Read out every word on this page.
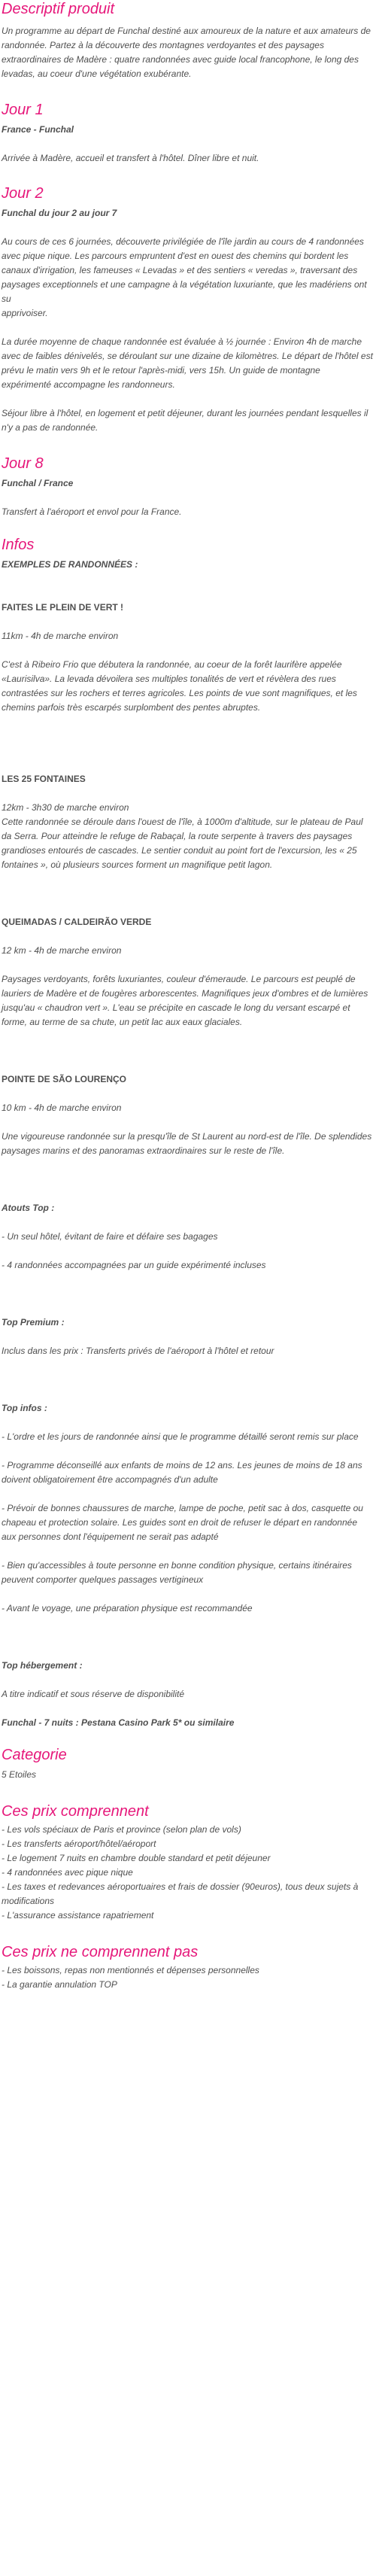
Descriptif produit

Un programme au départ de Funchal destiné aux amoureux de la nature et aux amateurs de randonnée. Partez à la découverte des montagnes verdoyantes et des paysages extraordinaires de Madère : quatre randonnées avec guide local francophone, le long des levadas, au coeur d'une végétation exubérante.

Jour 1

France - Funchal

Arrivée à Madère, accueil et transfert à l'hôtel. Dîner libre et nuit.

Jour 2

Funchal du jour 2 au jour 7

Au cours de ces 6 journées, découverte privilégiée de l'île jardin au cours de 4 randonnées avec pique nique. Les parcours empruntent d'est en ouest des chemins qui bordent les canaux d'irrigation, les fameuses « Levadas » et des sentiers « veredas », traversant des paysages exceptionnels et une campagne à la végétation luxuriante, que les madériens ont su

apprivoiser.

La durée moyenne de chaque randonnée est évaluée à ½ journée : Environ 4h de marche avec de faibles dénivelés, se déroulant sur une dizaine de kilomètres. Le départ de l'hôtel est prévu le matin vers 9h et le retour l'après-midi, vers 15h. Un guide de montagne

expérimenté accompagne les randonneurs.

Séjour libre à l'hôtel, en logement et petit déjeuner, durant les journées pendant lesquelles il n'y a pas de randonnée.

Jour 8

Funchal / France

Transfert à l'aéroport et envol pour la France.

Infos

EXEMPLES DE RANDONNÉES :

FAITES LE PLEIN DE VERT !

11km - 4h de marche environ

C'est à Ribeiro Frio que débutera la randonnée, au coeur de la forêt laurifère appelée «Laurisilva». La levada dévoilera ses multiples tonalités de vert et révèlera des rues contrastées sur les rochers et terres agricoles. Les points de vue sont magnifiques, et les chemins parfois très escarpés surplombent des pentes abruptes.

LES 25 FONTAINES

12km - 3h30 de marche environ

Cette randonnée se déroule dans l'ouest de l'île, à 1000m d'altitude, sur le plateau de Paul da Serra. Pour atteindre le refuge de Rabaçal, la route serpente à travers des paysages grandioses entourés de cascades. Le sentier conduit au point fort de l'excursion, les « 25 fontaines », où plusieurs sources forment un magnifique petit lagon.

QUEIMADAS / CALDEIRÃO VERDE

12 km - 4h de marche environ

Paysages verdoyants, forêts luxuriantes, couleur d'émeraude. Le parcours est peuplé de lauriers de Madère et de fougères arborescentes. Magnifiques jeux d'ombres et de lumières jusqu'au « chaudron vert ». L'eau se précipite en cascade le long du versant escarpé et forme, au terme de sa chute, un petit lac aux eaux glaciales.

POINTE DE SÃO LOURENÇO

10 km - 4h de marche environ

Une vigoureuse randonnée sur la presqu'île de St Laurent au nord-est de l'île. De splendides

paysages marins et des panoramas extraordinaires sur le reste de l'île.

Atouts Top :

- Un seul hôtel, évitant de faire et défaire ses bagages

- 4 randonnées accompagnées par un guide expérimenté incluses

Top Premium :

Inclus dans les prix : Transferts privés de l'aéroport à l'hôtel et retour

Top infos :

- L'ordre et les jours de randonnée ainsi que le programme détaillé seront remis sur place

- Programme déconseillé aux enfants de moins de 12 ans. Les jeunes de moins de 18 ans doivent obligatoirement être accompagnés d'un adulte

- Prévoir de bonnes chaussures de marche, lampe de poche, petit sac à dos, casquette ou chapeau et protection solaire. Les guides sont en droit de refuser le départ en randonnée aux personnes dont l'équipement ne serait pas adapté

- Bien qu'accessibles à toute personne en bonne condition physique, certains itinéraires peuvent comporter quelques passages vertigineux

- Avant le voyage, une préparation physique est recommandée

Top hébergement :

A titre indicatif et sous réserve de disponibilité

Funchal - 7 nuits : Pestana Casino Park 5* ou similaire

Categorie

5 Etoiles

Ces prix comprennent
- Les vols spéciaux de Paris et province (selon plan de vols)
- Les transferts aéroport/hôtel/aéroport
- Le logement 7 nuits en chambre double standard et petit déjeuner
- 4 randonnées avec pique nique
- Les taxes et redevances aéroportuaires et frais de dossier (90euros), tous deux sujets à modifications
- L'assurance assistance rapatriement
Ces prix ne comprennent pas
- Les boissons, repas non mentionnés et dépenses personnelles
- La garantie annulation TOP
